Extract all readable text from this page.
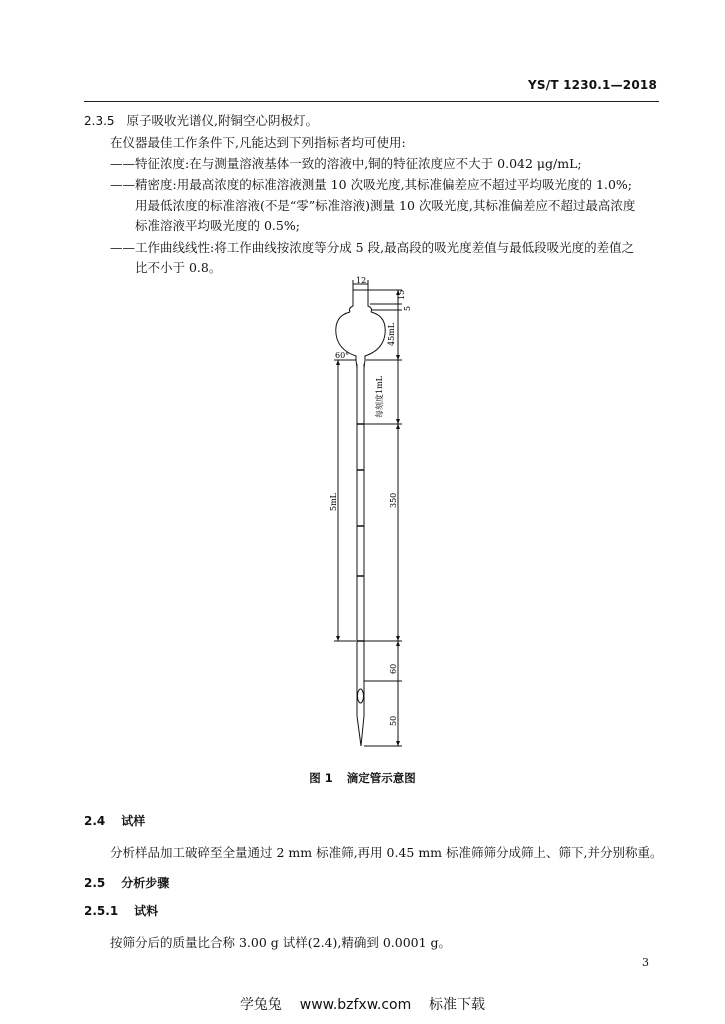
YS/T 1230.1—2018
2.3.5 原子吸收光谱仪,附铜空心阴极灯。
在仪器最佳工作条件下,凡能达到下列指标者均可使用:
——特征浓度:在与测量溶液基体一致的溶液中,铜的特征浓度应不大于 0.042 μg/mL;
——精密度:用最高浓度的标准溶液测量 10 次吸光度,其标准偏差应不超过平均吸光度的 1.0%;
用最低浓度的标准溶液(不是“零”标准溶液)测量 10 次吸光度,其标准偏差应不超过最高浓度
标准溶液平均吸光度的 0.5%;
——工作曲线线性:将工作曲线按浓度等分成 5 段,最高段的吸光度差值与最低段吸光度的差值之
比不小于 0.8。
12
15
5
45mL
60°
每刻度1mL
5mL	350
60
50
图 1 滴定管示意图
2.4 试样
分析样品加工破碎至全量通过 2 mm 标准筛,再用 0.45 mm 标准筛筛分成筛上、筛下,并分别称重。
2.5 分析步骤
2.5.1 试料
按筛分后的质量比合称 3.00 g 试样(2.4),精确到 0.0001 g。
3
学兔兔 www.bzfxw.com 标准下载
